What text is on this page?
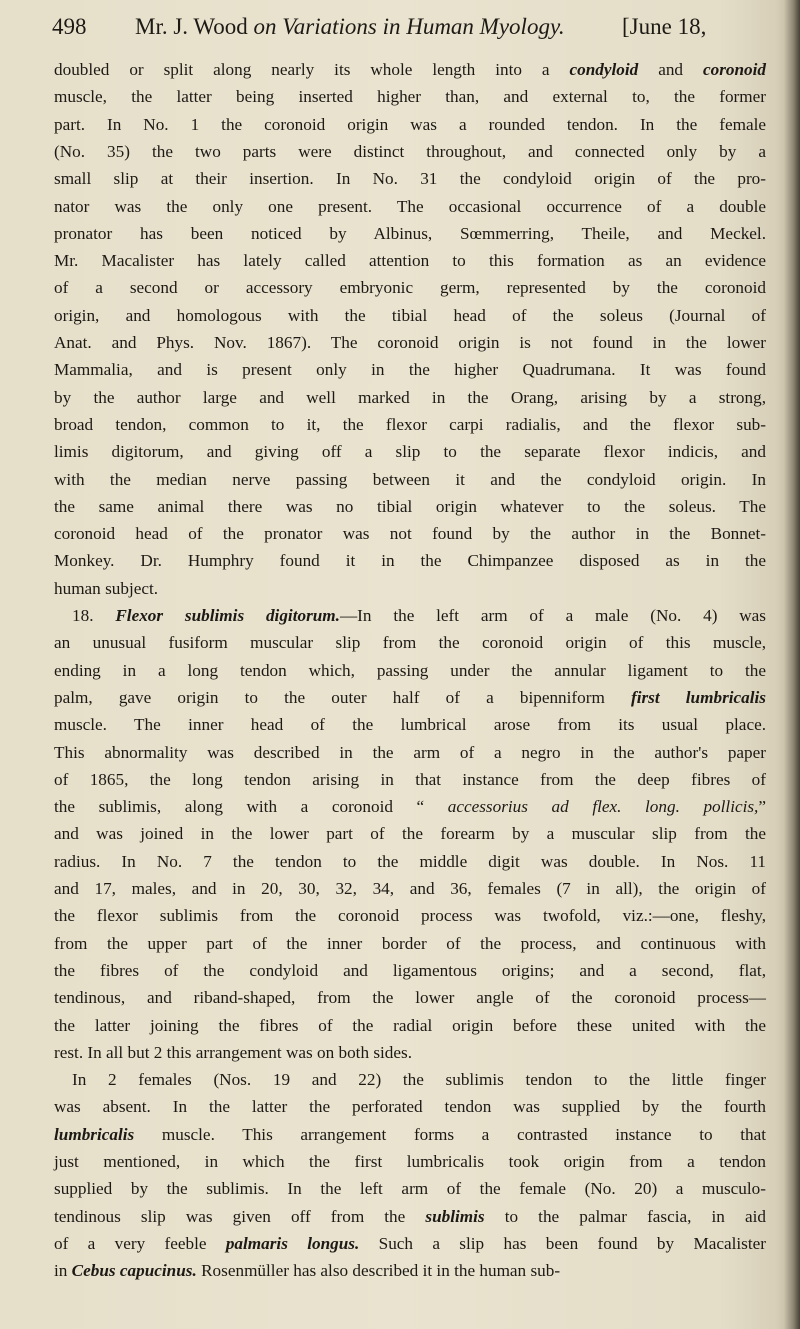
498 Mr. J. Wood on Variations in Human Myology. [June 18,
doubled or split along nearly its whole length into a condyloid and coronoid
muscle, the latter being inserted higher than, and external to, the former
part. In No. 1 the coronoid origin was a rounded tendon. In the female
(No. 35) the two parts were distinct throughout, and connected only by a
small slip at their insertion. In No. 31 the condyloid origin of the pro-
nator was the only one present. The occasional occurrence of a double
pronator has been noticed by Albinus, Sœmmerring, Theile, and Meckel.
Mr. Macalister has lately called attention to this formation as an evidence
of a second or accessory embryonic germ, represented by the coronoid
origin, and homologous with the tibial head of the soleus (Journal of
Anat. and Phys. Nov. 1867). The coronoid origin is not found in the lower
Mammalia, and is present only in the higher Quadrumana. It was found
by the author large and well marked in the Orang, arising by a strong,
broad tendon, common to it, the flexor carpi radialis, and the flexor sub-
limis digitorum, and giving off a slip to the separate flexor indicis, and
with the median nerve passing between it and the condyloid origin. In
the same animal there was no tibial origin whatever to the soleus. The
coronoid head of the pronator was not found by the author in the Bonnet-
Monkey. Dr. Humphry found it in the Chimpanzee disposed as in the
human subject.
18. Flexor sublimis digitorum.—In the left arm of a male (No. 4) was
an unusual fusiform muscular slip from the coronoid origin of this muscle,
ending in a long tendon which, passing under the annular ligament to the
palm, gave origin to the outer half of a bipenniform first lumbricalis
muscle. The inner head of the lumbrical arose from its usual place.
This abnormality was described in the arm of a negro in the author's paper
of 1865, the long tendon arising in that instance from the deep fibres of
the sublimis, along with a coronoid “ accessorius ad flex. long. pollicis,”
and was joined in the lower part of the forearm by a muscular slip from the
radius. In No. 7 the tendon to the middle digit was double. In Nos. 11
and 17, males, and in 20, 30, 32, 34, and 36, females (7 in all), the origin of
the flexor sublimis from the coronoid process was twofold, viz.:—one, fleshy,
from the upper part of the inner border of the process, and continuous with
the fibres of the condyloid and ligamentous origins; and a second, flat,
tendinous, and riband-shaped, from the lower angle of the coronoid process—
the latter joining the fibres of the radial origin before these united with the
rest. In all but 2 this arrangement was on both sides.
In 2 females (Nos. 19 and 22) the sublimis tendon to the little finger
was absent. In the latter the perforated tendon was supplied by the fourth
lumbricalis muscle. This arrangement forms a contrasted instance to that
just mentioned, in which the first lumbricalis took origin from a tendon
supplied by the sublimis. In the left arm of the female (No. 20) a musculo-
tendinous slip was given off from the sublimis to the palmar fascia, in aid
of a very feeble palmaris longus. Such a slip has been found by Macalister
in Cebus capucinus. Rosenmüller has also described it in the human sub-
